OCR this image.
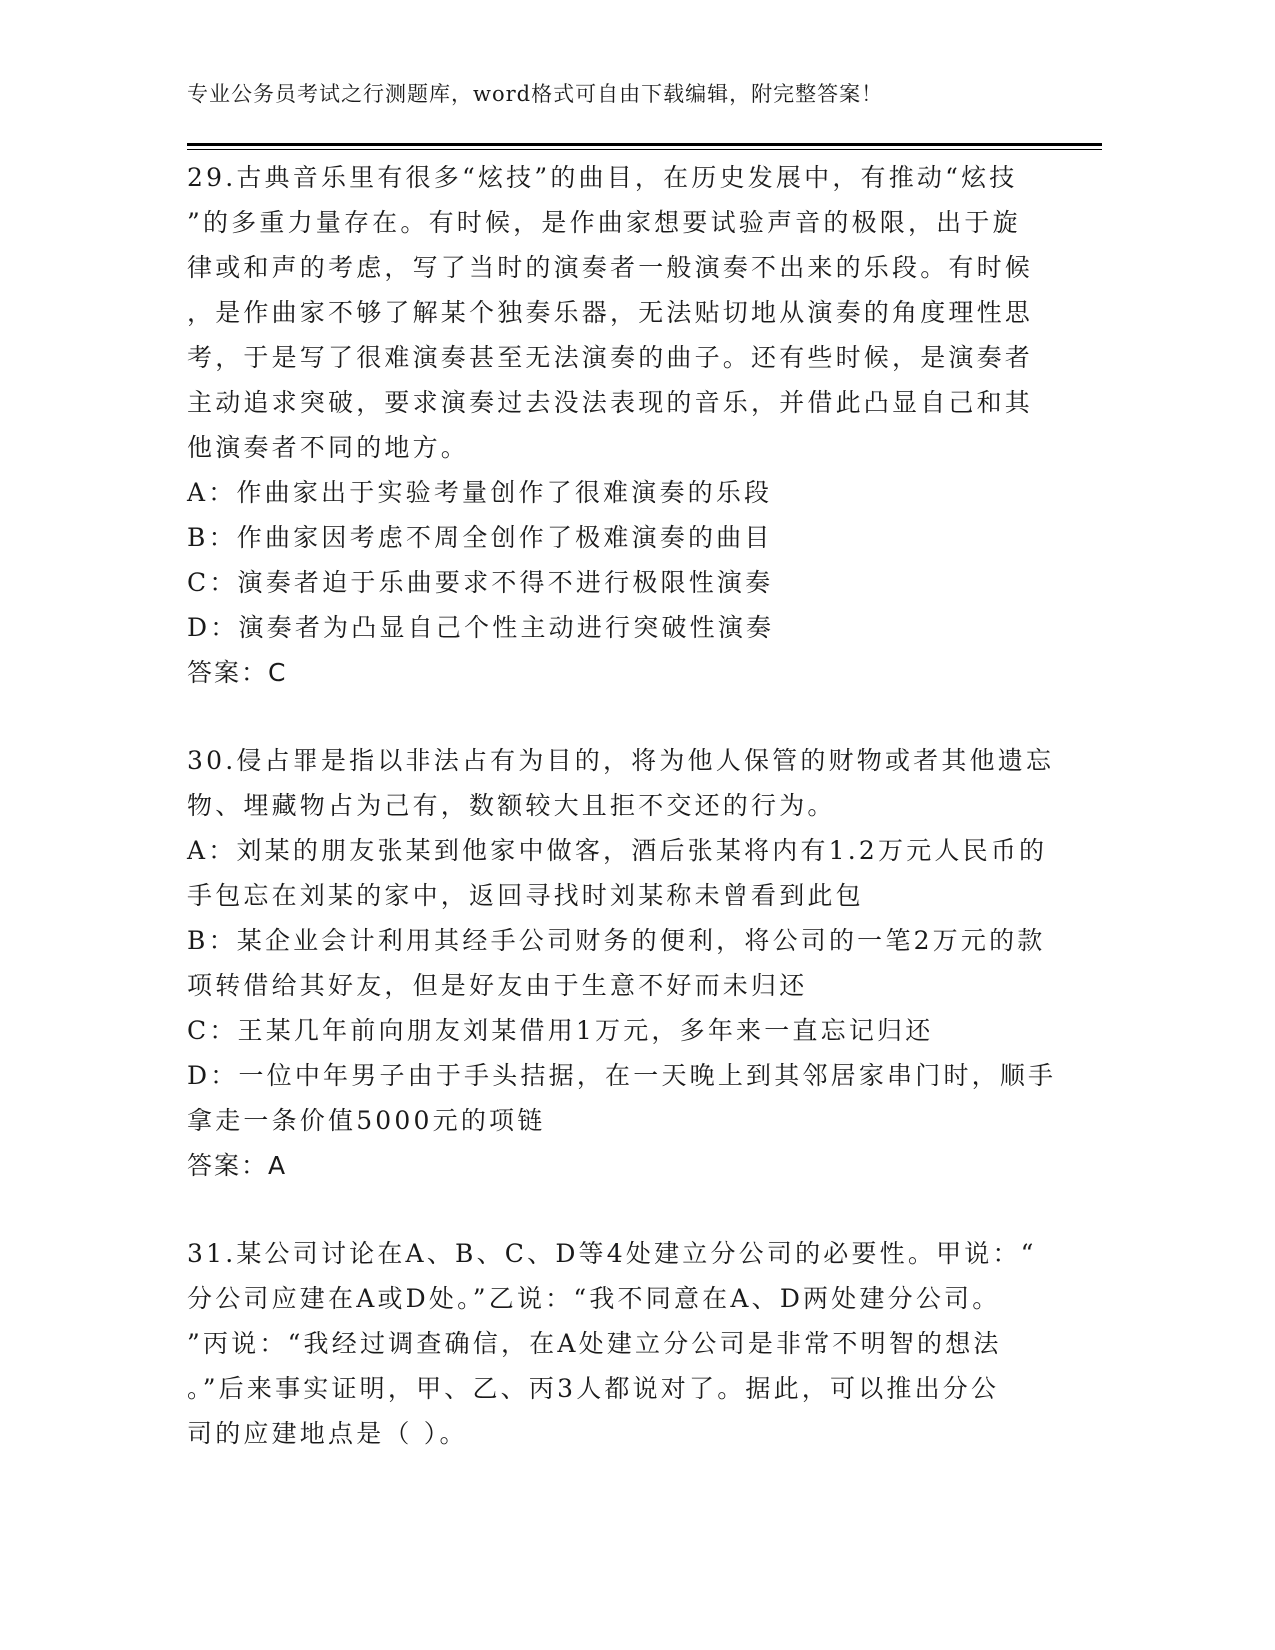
专业公务员考试之行测题库，word格式可自由下载编辑，附完整答案！
29.古典音乐里有很多“炫技”的曲目，在历史发展中，有推动“炫技
”的多重力量存在。有时候，是作曲家想要试验声音的极限，出于旋
律或和声的考虑，写了当时的演奏者一般演奏不出来的乐段。有时候
，是作曲家不够了解某个独奏乐器，无法贴切地从演奏的角度理性思
考，于是写了很难演奏甚至无法演奏的曲子。还有些时候，是演奏者
主动追求突破，要求演奏过去没法表现的音乐，并借此凸显自己和其
他演奏者不同的地方。
A：作曲家出于实验考量创作了很难演奏的乐段
B：作曲家因考虑不周全创作了极难演奏的曲目
C：演奏者迫于乐曲要求不得不进行极限性演奏
D：演奏者为凸显自己个性主动进行突破性演奏
答案：C
30.侵占罪是指以非法占有为目的，将为他人保管的财物或者其他遗忘
物、埋藏物占为己有，数额较大且拒不交还的行为。
A：刘某的朋友张某到他家中做客，酒后张某将内有1.2万元人民币的
手包忘在刘某的家中，返回寻找时刘某称未曾看到此包
B：某企业会计利用其经手公司财务的便利，将公司的一笔2万元的款
项转借给其好友，但是好友由于生意不好而未归还
C：王某几年前向朋友刘某借用1万元，多年来一直忘记归还
D：一位中年男子由于手头拮据，在一天晚上到其邻居家串门时，顺手
拿走一条价值5000元的项链
答案：A
31.某公司讨论在A、B、C、D等4处建立分公司的必要性。甲说：“
分公司应建在A或D处。”乙说：“我不同意在A、D两处建分公司。
”丙说：“我经过调查确信，在A处建立分公司是非常不明智的想法
。”后来事实证明，甲、乙、丙3人都说对了。据此，可以推出分公
司的应建地点是（ ）。
